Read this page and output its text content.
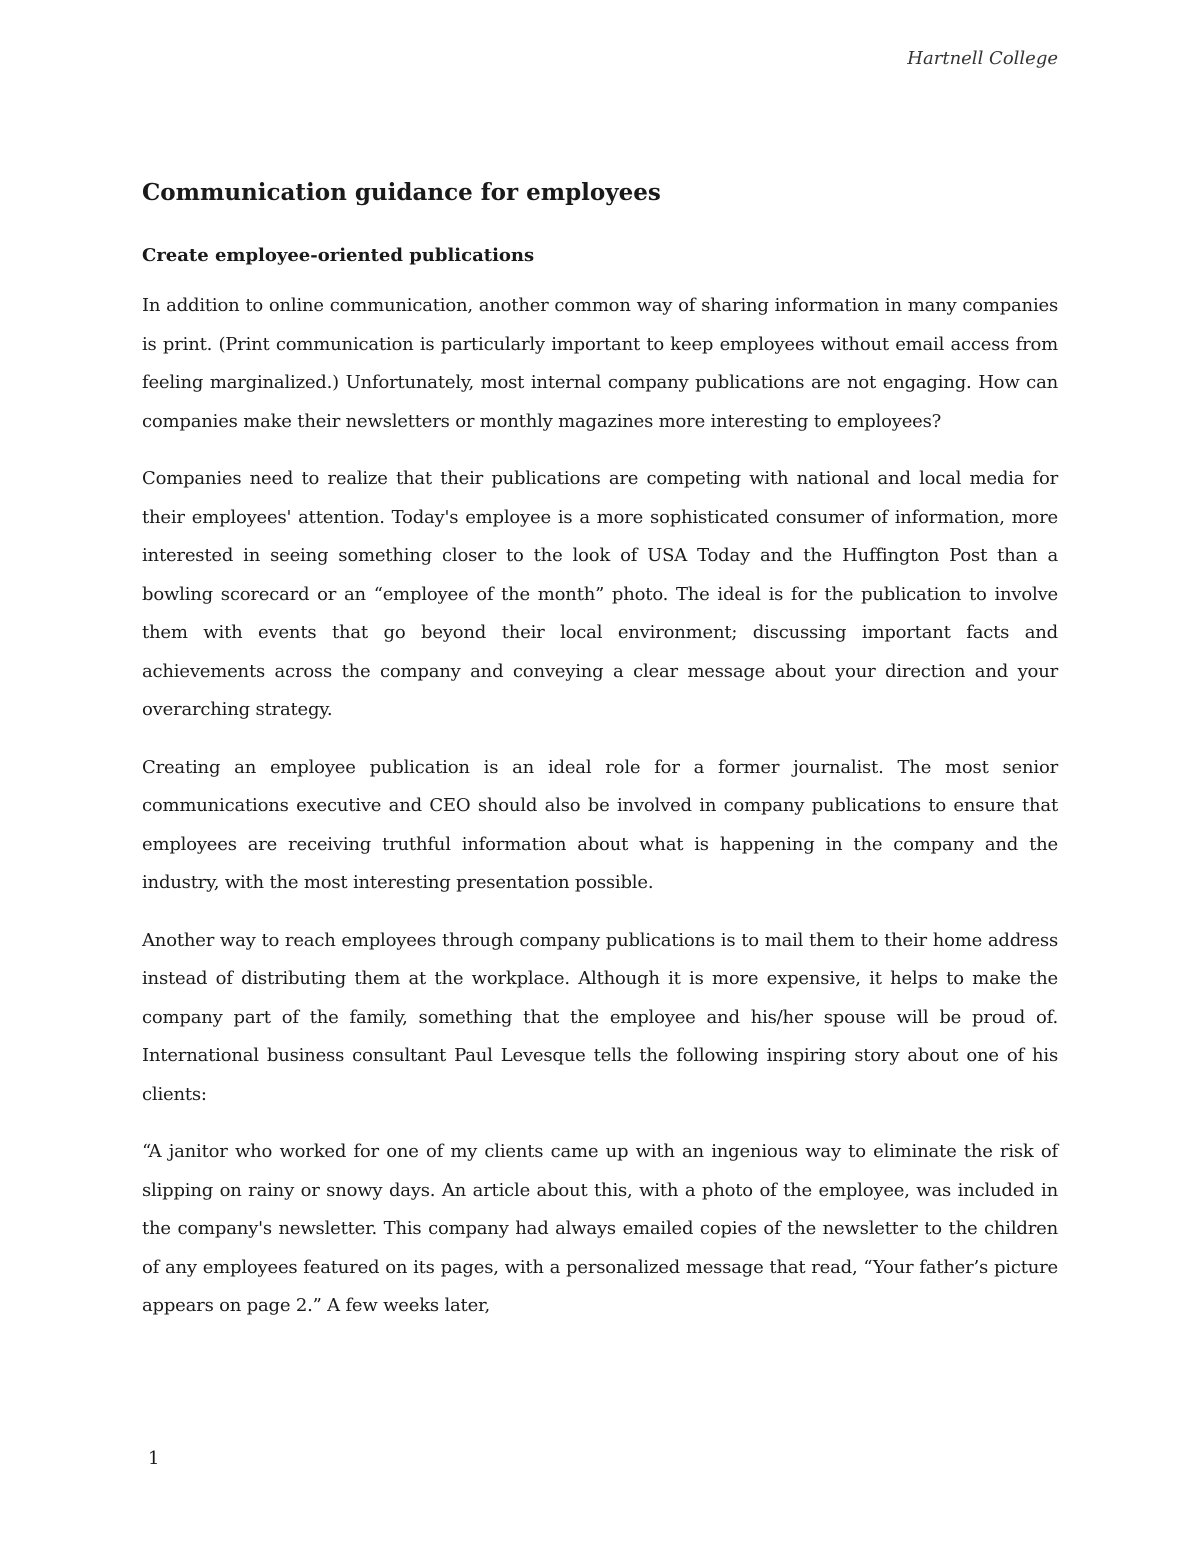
Hartnell College
Communication guidance for employees
Create employee-oriented publications

In addition to online communication, another common way of sharing information in many companies is print. (Print communication is particularly important to keep employees without email access from feeling marginalized.) Unfortunately, most internal company publications are not engaging. How can companies make their newsletters or monthly magazines more interesting to employees?

Companies need to realize that their publications are competing with national and local media for their employees' attention. Today's employee is a more sophisticated consumer of information, more interested in seeing something closer to the look of USA Today and the Huffington Post than a bowling scorecard or an “employee of the month” photo. The ideal is for the publication to involve them with events that go beyond their local environment; discussing important facts and achievements across the company and conveying a clear message about your direction and your overarching strategy.

Creating an employee publication is an ideal role for a former journalist. The most senior communications executive and CEO should also be involved in company publications to ensure that employees are receiving truthful information about what is happening in the company and the industry, with the most interesting presentation possible.

Another way to reach employees through company publications is to mail them to their home address instead of distributing them at the workplace. Although it is more expensive, it helps to make the company part of the family, something that the employee and his/her spouse will be proud of. International business consultant Paul Levesque tells the following inspiring story about one of his clients:

“A janitor who worked for one of my clients came up with an ingenious way to eliminate the risk of slipping on rainy or snowy days. An article about this, with a photo of the employee, was included in the company's newsletter. This company had always emailed copies of the newsletter to the children of any employees featured on its pages, with a personalized message that read, “Your father’s picture appears on page 2.” A few weeks later,

1
